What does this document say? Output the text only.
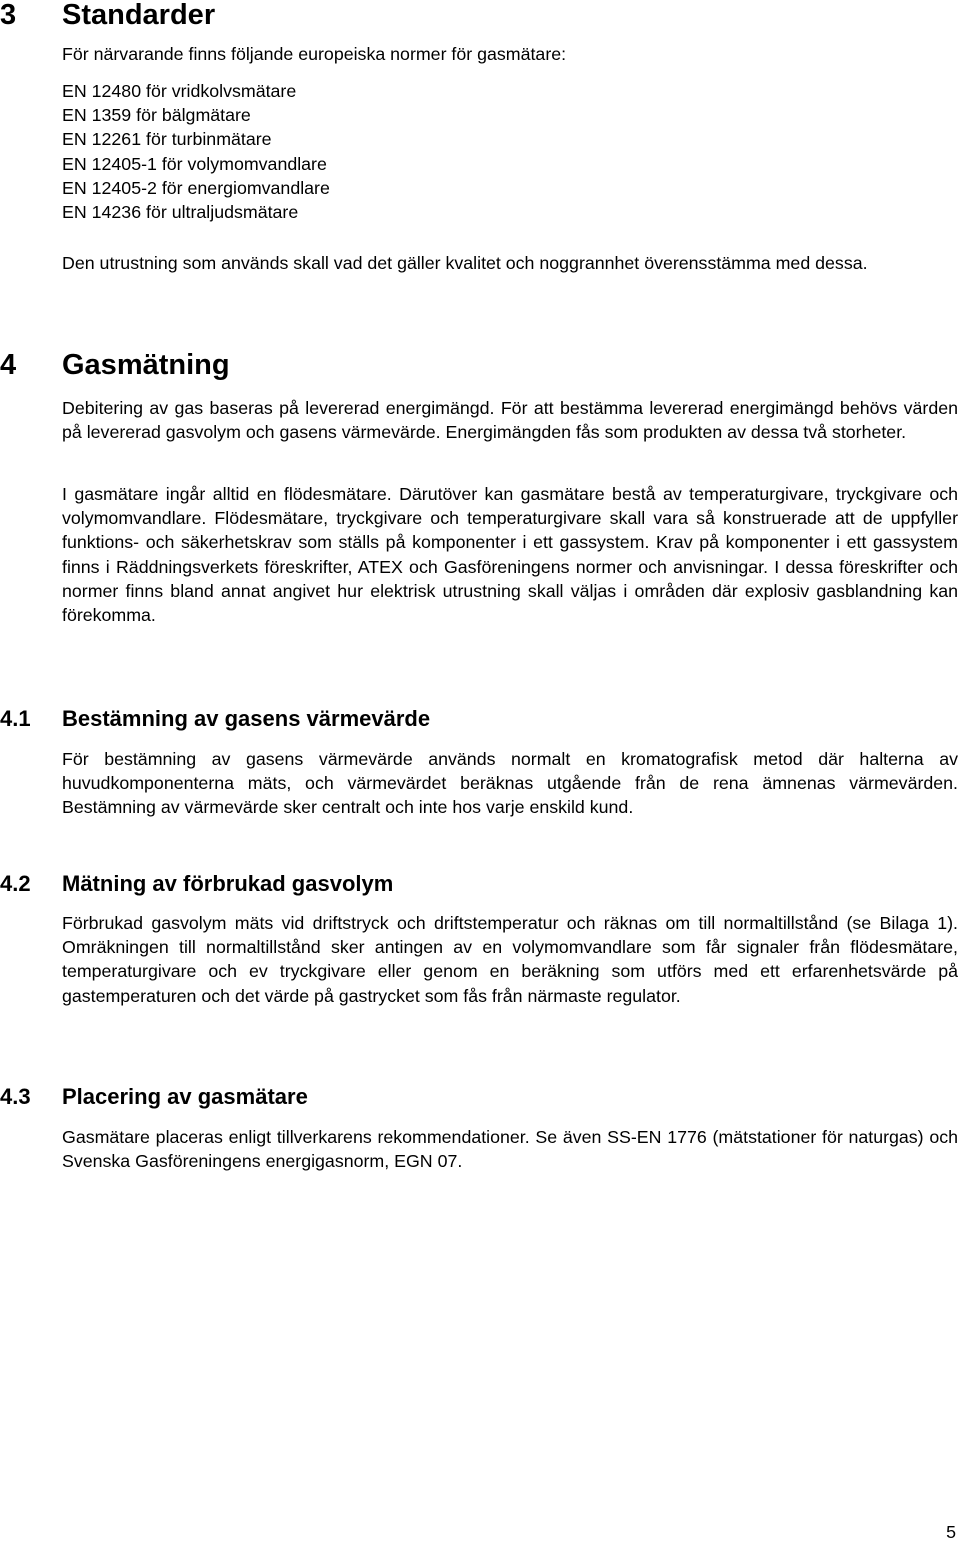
3 Standarder

För närvarande finns följande europeiska normer för gasmätare:

EN 12480 för vridkolvsmätare
EN 1359 för bälgmätare
EN 12261 för turbinmätare
EN 12405-1 för volymomvandlare
EN 12405-2 för energiomvandlare
EN 14236 för ultraljudsmätare

Den utrustning som används skall vad det gäller kvalitet och noggrannhet överensstämma med dessa.

4 Gasmätning

Debitering av gas baseras på levererad energimängd. För att bestämma levererad energimängd behövs värden på levererad gasvolym och gasens värmevärde. Energimängden fås som produkten av dessa två storheter.

I gasmätare ingår alltid en flödesmätare. Därutöver kan gasmätare bestå av temperaturgivare, tryckgivare och volymomvandlare. Flödesmätare, tryckgivare och temperaturgivare skall vara så konstruerade att de uppfyller funktions- och säkerhetskrav som ställs på komponenter i ett gassystem. Krav på komponenter i ett gassystem finns i Räddningsverkets föreskrifter, ATEX och Gasföreningens normer och anvisningar. I dessa föreskrifter och normer finns bland annat angivet hur elektrisk utrustning skall väljas i områden där explosiv gasblandning kan förekomma.

4.1 Bestämning av gasens värmevärde

För bestämning av gasens värmevärde används normalt en kromatografisk metod där halterna av huvudkomponenterna mäts, och värmevärdet beräknas utgående från de rena ämnenas värmevärden. Bestämning av värmevärde sker centralt och inte hos varje enskild kund.

4.2 Mätning av förbrukad gasvolym

Förbrukad gasvolym mäts vid driftstryck och driftstemperatur och räknas om till normaltillstånd (se Bilaga 1). Omräkningen till normaltillstånd sker antingen av en volymomvandlare som får signaler från flödesmätare, temperaturgivare och ev tryckgivare eller genom en beräkning som utförs med ett erfarenhetsvärde på gastemperaturen och det värde på gastrycket som fås från närmaste regulator.

4.3 Placering av gasmätare

Gasmätare placeras enligt tillverkarens rekommendationer. Se även SS-EN 1776 (mätstationer för naturgas) och Svenska Gasföreningens energigasnorm, EGN 07.

5
